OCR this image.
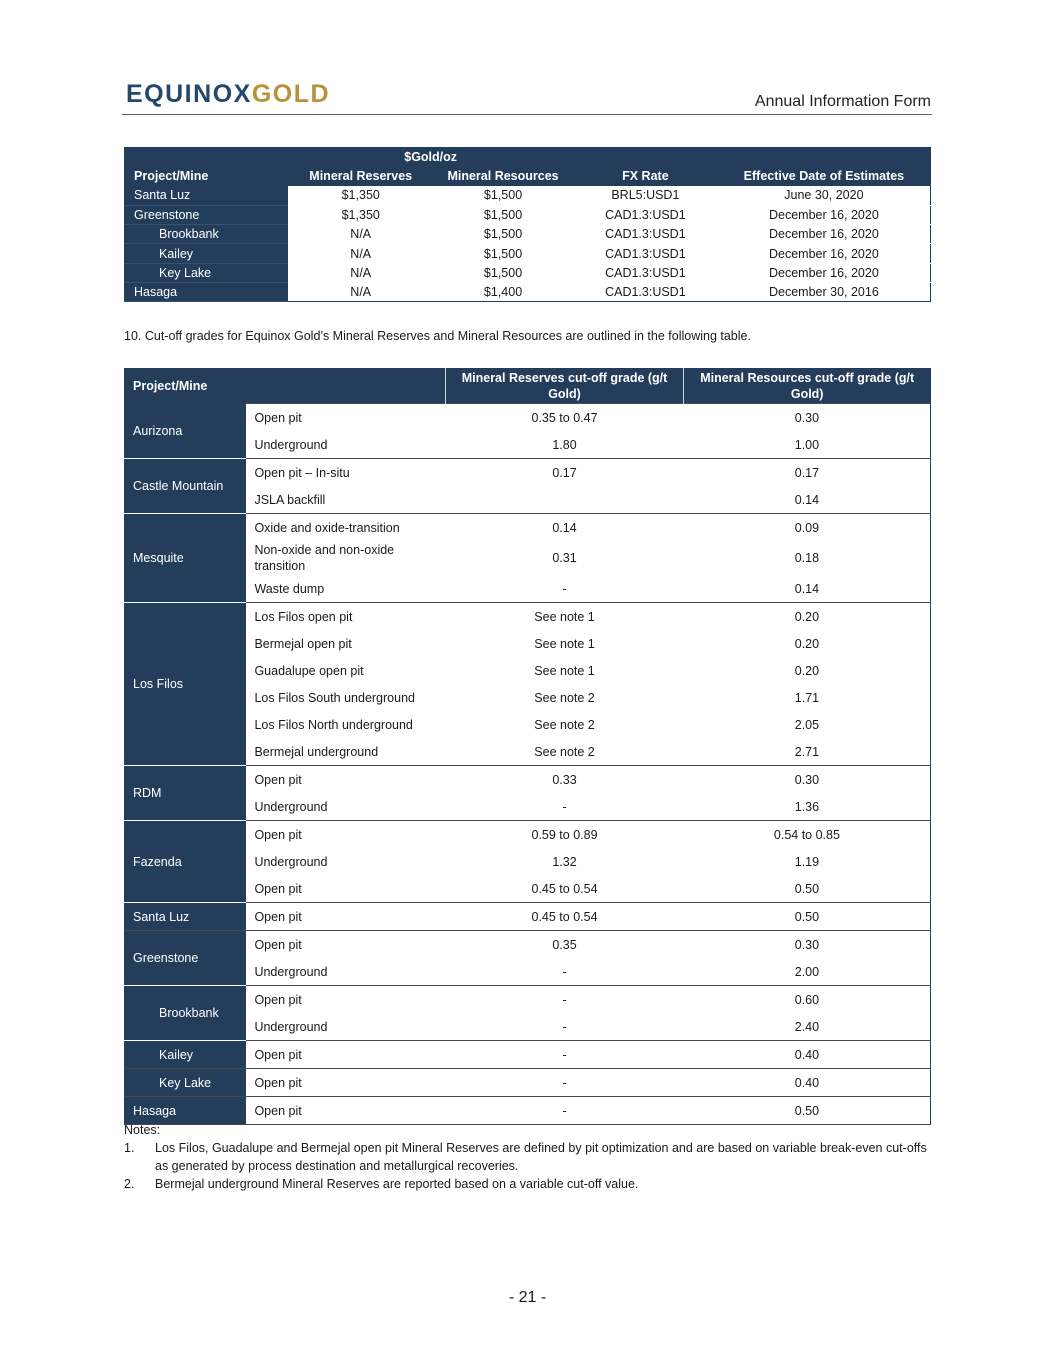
EQUINOXGOLD	Annual Information Form
	$Gold/oz			
Project/Mine	Mineral Reserves	Mineral Resources	FX Rate	Effective Date of Estimates
Santa Luz	$1,350	$1,500	BRL5:USD1	June 30, 2020
Greenstone	$1,350	$1,500	CAD1.3:USD1	December 16, 2020
Brookbank	N/A	$1,500	CAD1.3:USD1	December 16, 2020
Kailey	N/A	$1,500	CAD1.3:USD1	December 16, 2020
Key Lake	N/A	$1,500	CAD1.3:USD1	December 16, 2020
Hasaga	N/A	$1,400	CAD1.3:USD1	December 30, 2016
10. Cut-off grades for Equinox Gold’s Mineral Reserves and Mineral Resources are outlined in the following table.
Project/Mine		Mineral Reserves cut-off grade (g/t Gold)	Mineral Resources cut-off grade (g/t Gold)
Aurizona	Open pit	0.35 to 0.47	0.30
	Underground	1.80	1.00
Castle Mountain	Open pit – In-situ	0.17	0.17
	JSLA backfill		0.14
Mesquite	Oxide and oxide-transition	0.14	0.09
	Non-oxide and non-oxide transition	0.31	0.18
	Waste dump	-	0.14
Los Filos	Los Filos open pit	See note 1	0.20
	Bermejal open pit	See note 1	0.20
	Guadalupe open pit	See note 1	0.20
	Los Filos South underground	See note 2	1.71
	Los Filos North underground	See note 2	2.05
	Bermejal underground	See note 2	2.71
RDM	Open pit	0.33	0.30
	Underground	-	1.36
Fazenda	Open pit	0.59 to 0.89	0.54 to 0.85
	Underground	1.32	1.19
	Open pit	0.45 to 0.54	0.50
Santa Luz	Open pit	0.45 to 0.54	0.50
Greenstone	Open pit	0.35	0.30
	Underground	-	2.00
Brookbank	Open pit	-	0.60
	Underground	-	2.40
Kailey	Open pit	-	0.40
Key Lake	Open pit	-	0.40
Hasaga	Open pit	-	0.50
Notes:
1. Los Filos, Guadalupe and Bermejal open pit Mineral Reserves are defined by pit optimization and are based on variable break-even cut-offs as generated by process destination and metallurgical recoveries.
2. Bermejal underground Mineral Reserves are reported based on a variable cut-off value.
- 21 -
